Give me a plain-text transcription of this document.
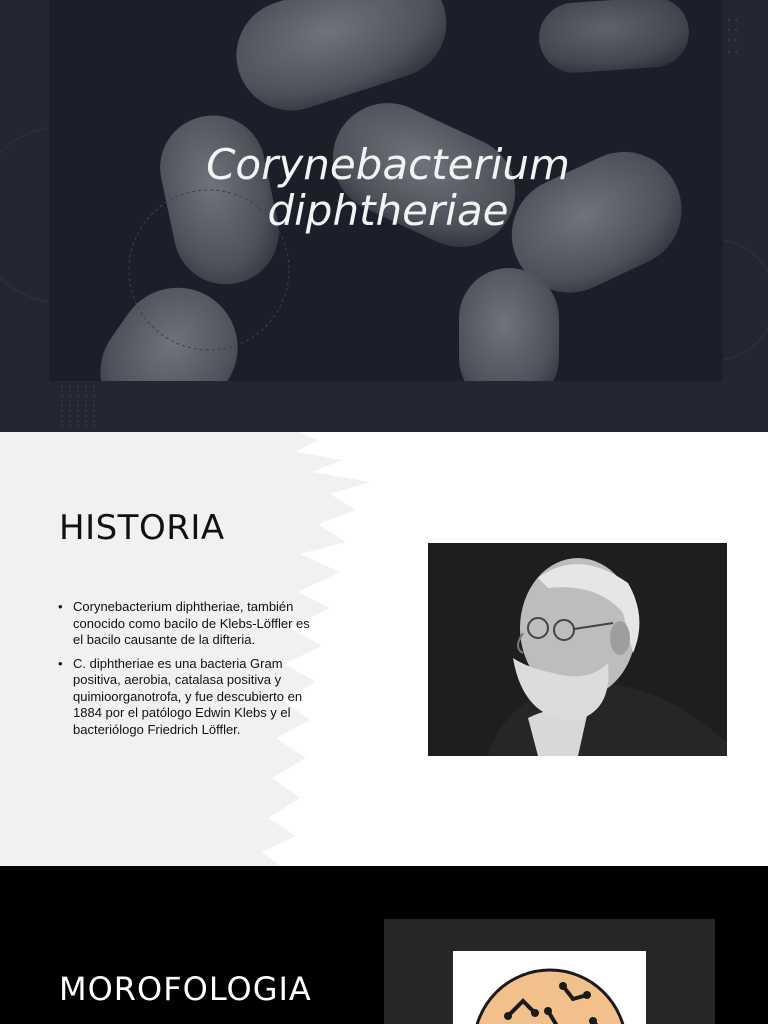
Corynebacterium diphtheriae
HISTORIA
• Corynebacterium diphtheriae, también conocido como bacilo de Klebs-Löffler es el bacilo causante de la difteria.
• C. diphtheriae es una bacteria Gram positiva, aerobia, catalasa positiva y quimioorganotrofa, y fue descubierto en 1884 por el patólogo Edwin Klebs y el bacteriólogo Friedrich Löffler.
MOROFOLOGIA
